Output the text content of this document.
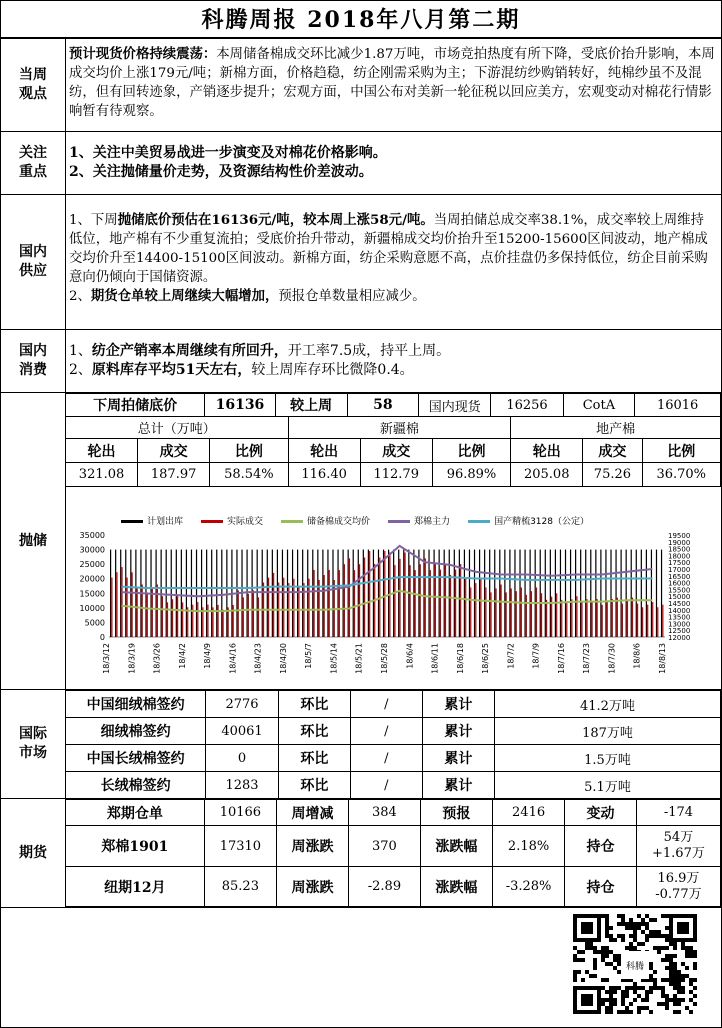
科腾周报 2018年八月第二期
当周
观点
预计现货价格持续震荡：本周储备棉成交环比减少1.87万吨，市场竞拍热度有所下降，受底价抬升影响，本周成交均价上涨179元/吨；新棉方面，价格趋稳，纺企刚需采购为主；下游混纺纱购销转好，纯棉纱虽不及混纺，但有回转迹象，产销逐步提升；宏观方面，中国公布对美新一轮征税以回应美方，宏观变动对棉花行情影响暂有待观察。
关注
重点
1、关注中美贸易战进一步演变及对棉花价格影响。
2、关注抛储量价走势，及资源结构性价差波动。
国内
供应
1、下周抛储底价预估在16136元/吨，较本周上涨58元/吨。当周拍储总成交率38.1%，成交率较上周维持低位，地产棉有不少重复流拍；受底价抬升带动，新疆棉成交均价抬升至15200-15600区间波动，地产棉成交均价升至14400-15100区间波动。新棉方面，纺企采购意愿不高，点价挂盘仍多保持低位，纺企目前采购意向仍倾向于国储资源。
2、期货仓单较上周继续大幅增加，预报仓单数量相应减少。
国内
消费
1、纺企产销率本周继续有所回升，开工率7.5成，持平上周。
2、原料库存平均51天左右，较上周库存环比微降0.4。
抛储
下周拍储底价	16136	较上周	58	国内现货	16256	CotA	16016
总计（万吨）			新疆棉			地产棉		
轮出	成交	比例	轮出	成交	比例	轮出	成交	比例
321.08	187.97	58.54%	116.40	112.79	96.89%	205.08	75.26	36.70%
计划出库	实际成交	储备棉成交均价	郑棉主力	国产精梳3128（公定）
0
5000
10000
15000
20000
25000
30000
35000
12000
12500
13000
13500
14000
14500
15000
15500
16000
16500
17000
17500
18000
18500
19000
19500
18/3/12 18/3/19 18/3/26 18/4/2 18/4/9 18/4/16 18/4/23 18/4/30 18/5/7 18/5/14 18/5/21 18/5/28 18/6/4 18/6/11 18/6/18 18/6/25 18/7/2 18/7/9 18/7/16 18/7/23 18/7/30 18/8/6 18/8/13
国际
市场
中国细绒棉签约	2776	环比	/	累计	41.2万吨
细绒棉签约	40061	环比	/	累计	187万吨
中国长绒棉签约	0	环比	/	累计	1.5万吨
长绒棉签约	1283	环比	/	累计	5.1万吨
期货
郑期仓单	10166	周增减	384	预报	2416	变动	-174
郑棉1901	17310	周涨跌	370	涨跌幅	2.18%	持仓	54万
+1.67万

纽期12月	85.23	周涨跌	-2.89	涨跌幅	-3.28%	持仓	16.9万
-0.77万
科腾
